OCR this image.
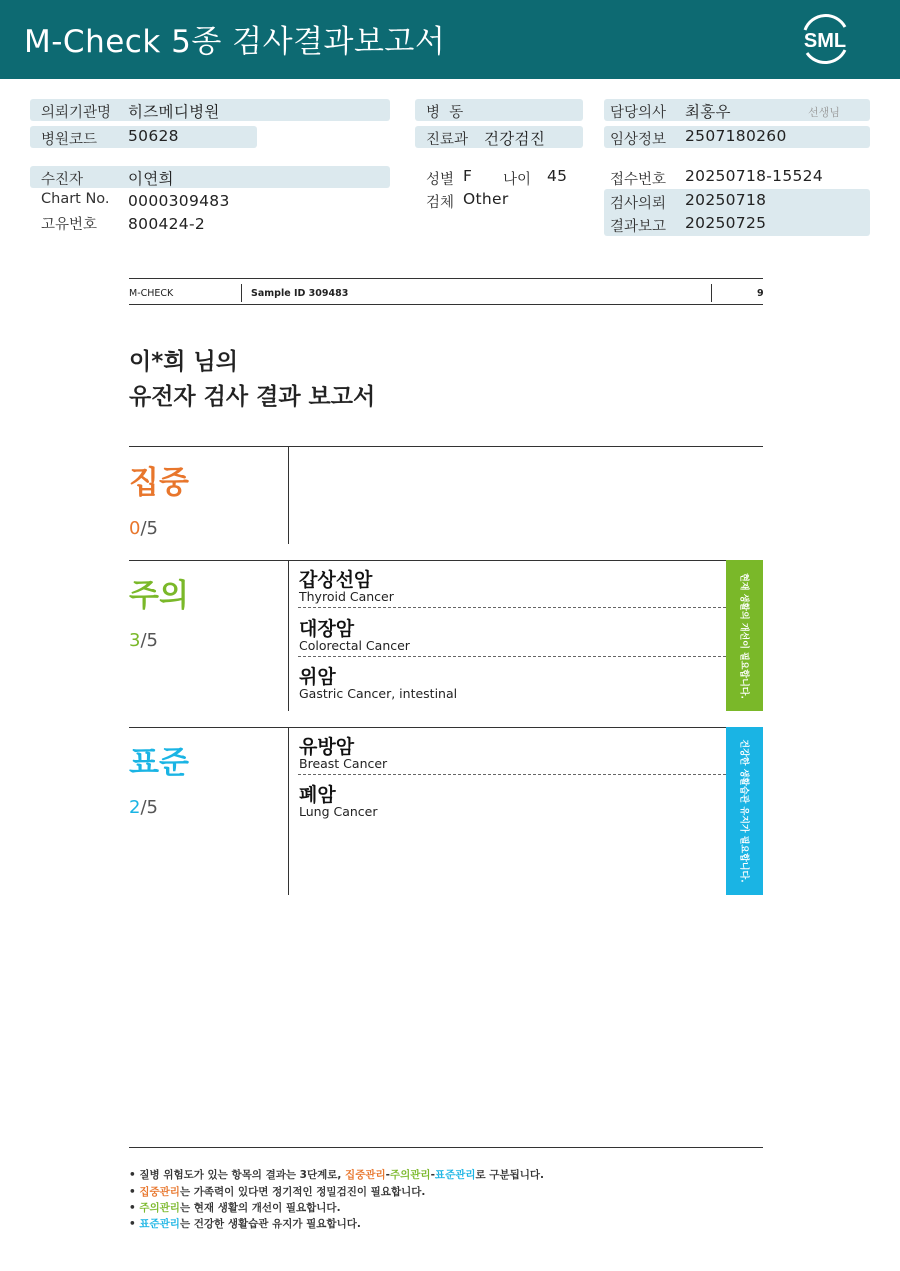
M-Check 5종 검사결과보고서	SML
의뢰기관명 히즈메디병원
병원코드 50628
수진자	이연희
Chart No. 0000309483
고유번호 800424-2
병  동
진료과 건강검진
성별 F 나이 45
검체 Other
담당의사 최홍우	선생님
임상정보 2507180260
접수번호 20250718-15524
검사의뢰 20250718
결과보고 20250725
M-CHECK	Sample ID 309483	9
이*희 님의
유전자 검사 결과 보고서
집중
0/5
주의
3/5
갑상선암
Thyroid Cancer
대장암
Colorectal Cancer
위암
Gastric Cancer, intestinal	현재 생활의 개선이 필요합니다.
표준
2/5
유방암
Breast Cancer
폐암
Lung Cancer	건강한 생활습관 유지가 필요합니다.
• 질병 위험도가 있는 항목의 결과는 3단계로, 집중관리-주의관리-표준관리로 구분됩니다.
• 집중관리는 가족력이 있다면 정기적인 정밀검진이 필요합니다.
• 주의관리는 현재 생활의 개선이 필요합니다.
• 표준관리는 건강한 생활습관 유지가 필요합니다.
